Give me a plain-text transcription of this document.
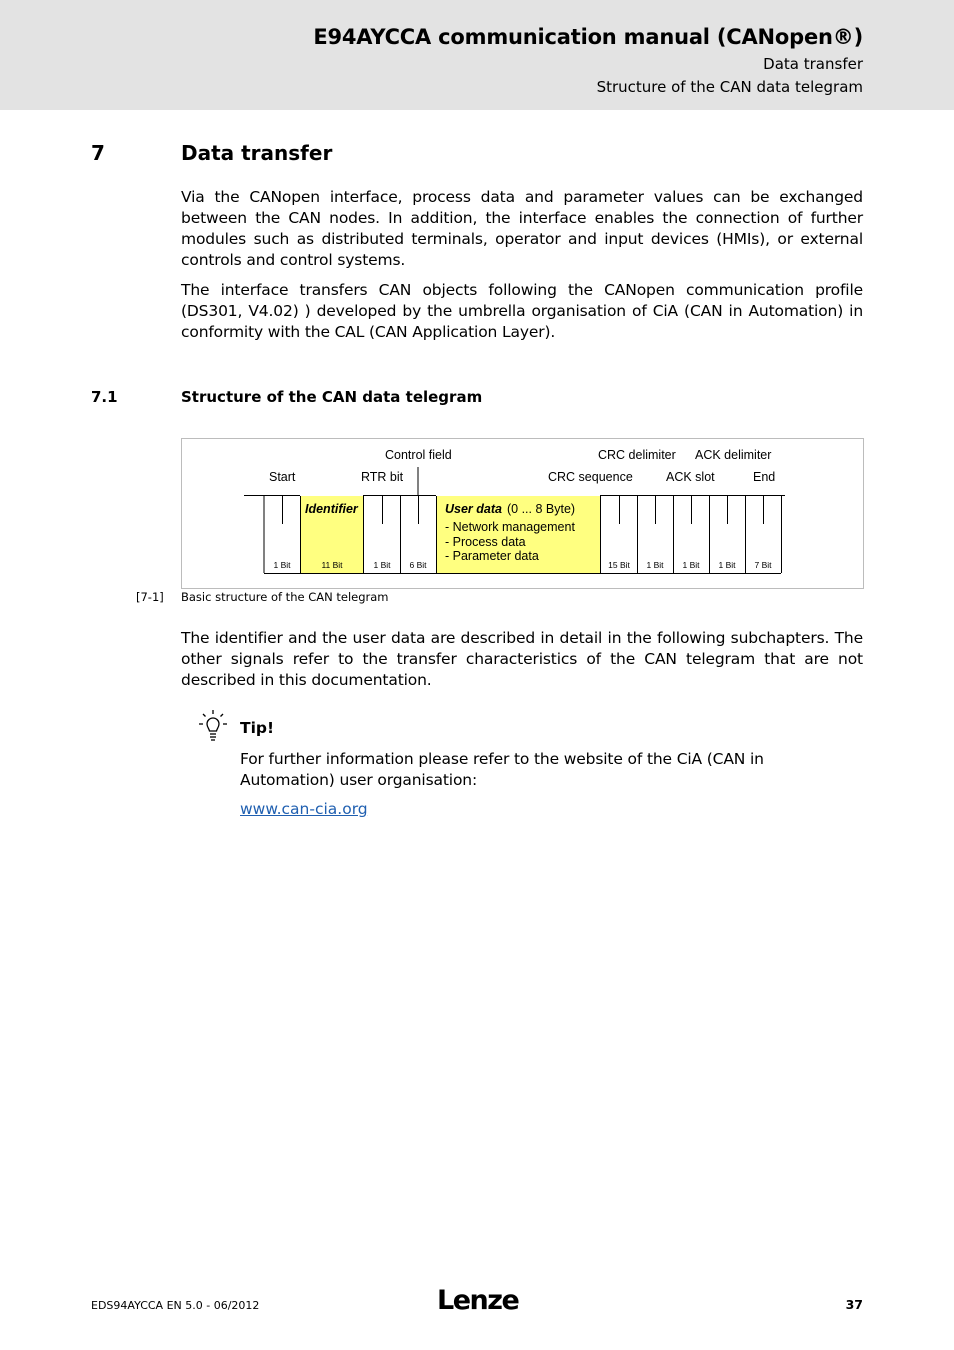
E94AYCCA communication manual (CANopen®)
Data transfer
Structure of the CAN data telegram
7	Data transfer
Via the CANopen interface, process data and parameter values can be exchanged between the CAN nodes. In addition, the interface enables the connection of further modules such as distributed terminals, operator and input devices (HMIs), or external controls and control systems.
The interface transfers CAN objects following the CANopen communication profile (DS301, V4.02) ) developed by the umbrella organisation of CiA (CAN in Automation) in conformity with the CAL (CAN Application Layer).
7.1	Structure of the CAN data telegram
Control field	CRC delimiter ACK delimiter
Start	RTR bit	CRC sequence	ACK slot	End
Identifier	User data (0 ... 8 Byte)
- Network management
- Process data
- Parameter data
1 Bit	11 Bit	1 Bit 6 Bit	15 Bit 1 Bit 1 Bit 1 Bit 7 Bit
[7-1] Basic structure of the CAN telegram
The identifier and the user data are described in detail in the following subchapters. The other signals refer to the transfer characteristics of the CAN telegram that are not described in this documentation.
Tip!
For further information please refer to the website of the CiA (CAN in Automation) user organisation:
www.can-cia.org
EDS94AYCCA EN 5.0 - 06/2012	Lenze	37
